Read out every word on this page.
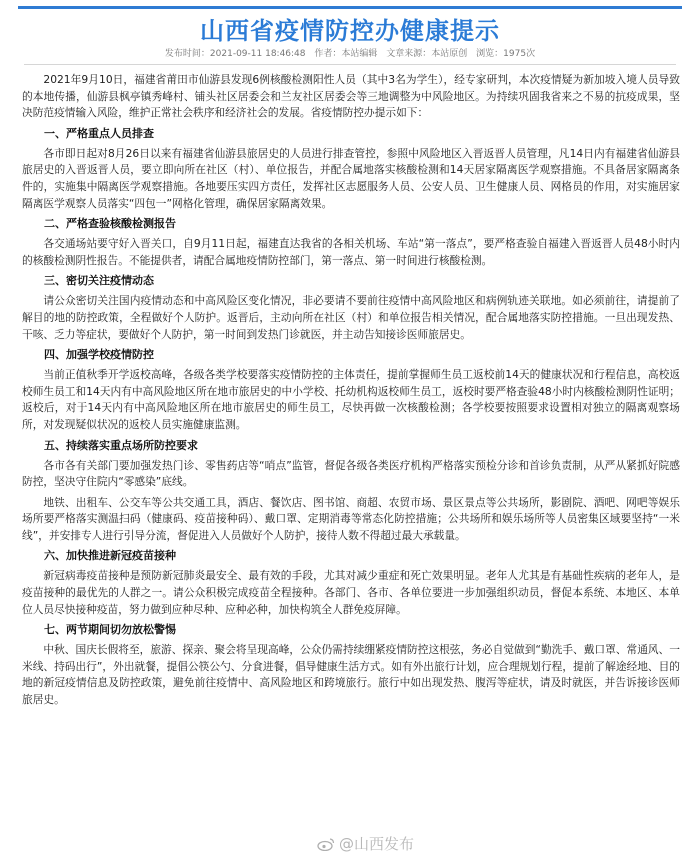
山西省疫情防控办健康提示
发布时间：2021-09-11 18:46:48 作者：本站编辑 文章来源：本站原创 浏览：1975次

2021年9月10日，福建省莆田市仙游县发现6例核酸检测阳性人员（其中3名为学生），经专家研判，本次疫情疑为新加坡入境人员导致的本地传播，仙游县枫亭镇秀峰村、铺头社区居委会和兰友社区居委会等三地调整为中风险地区。为持续巩固我省来之不易的抗疫成果，坚决防范疫情输入风险，维护正常社会秩序和经济社会的发展。省疫情防控办提示如下：

一、严格重点人员排查

各市即日起对8月26日以来有福建省仙游县旅居史的人员进行排查管控，参照中风险地区入晋返晋人员管理，凡14日内有福建省仙游县旅居史的入晋返晋人员，要立即向所在社区（村）、单位报告，并配合属地落实核酸检测和14天居家隔离医学观察措施。不具备居家隔离条件的，实施集中隔离医学观察措施。各地要压实四方责任，发挥社区志愿服务人员、公安人员、卫生健康人员、网格员的作用，对实施居家隔离医学观察人员落实“四包一”网格化管理，确保居家隔离效果。

二、严格查验核酸检测报告

各交通场站要守好入晋关口，自9月11日起，福建直达我省的各相关机场、车站“第一落点”，要严格查验自福建入晋返晋人员48小时内的核酸检测阴性报告。不能提供者，请配合属地疫情防控部门，第一落点、第一时间进行核酸检测。

三、密切关注疫情动态

请公众密切关注国内疫情动态和中高风险区变化情况，非必要请不要前往疫情中高风险地区和病例轨迹关联地。如必须前往，请提前了解目的地的防控政策，全程做好个人防护。返晋后，主动向所在社区（村）和单位报告相关情况，配合属地落实防控措施。一旦出现发热、干咳、乏力等症状，要做好个人防护，第一时间到发热门诊就医，并主动告知接诊医师旅居史。

四、加强学校疫情防控

当前正值秋季开学返校高峰，各级各类学校要落实疫情防控的主体责任，提前掌握师生员工返校前14天的健康状况和行程信息，高校返校师生员工和14天内有中高风险地区所在地市旅居史的中小学校、托幼机构返校师生员工，返校时要严格查验48小时内核酸检测阴性证明；返校后，对于14天内有中高风险地区所在地市旅居史的师生员工，尽快再做一次核酸检测；各学校要按照要求设置相对独立的隔离观察场所，对发现疑似状况的返校人员实施健康监测。

五、持续落实重点场所防控要求

各市各有关部门要加强发热门诊、零售药店等“哨点”监管，督促各级各类医疗机构严格落实预检分诊和首诊负责制，从严从紧抓好院感防控，坚决守住院内“零感染”底线。

地铁、出租车、公交车等公共交通工具，酒店、餐饮店、图书馆、商超、农贸市场、景区景点等公共场所，影剧院、酒吧、网吧等娱乐场所要严格落实测温扫码（健康码、疫苗接种码）、戴口罩、定期消毒等常态化防控措施；公共场所和娱乐场所等人员密集区域要坚持“一米线”，并安排专人进行引导分流，督促进入人员做好个人防护，接待人数不得超过最大承载量。

六、加快推进新冠疫苗接种

新冠病毒疫苗接种是预防新冠肺炎最安全、最有效的手段，尤其对减少重症和死亡效果明显。老年人尤其是有基础性疾病的老年人，是疫苗接种的最优先的人群之一。请公众积极完成疫苗全程接种。各部门、各市、各单位要进一步加强组织动员，督促本系统、本地区、本单位人员尽快接种疫苗，努力做到应种尽种、应种必种，加快构筑全人群免疫屏障。

七、两节期间切勿放松警惕

中秋、国庆长假将至，旅游、探亲、聚会将呈现高峰，公众仍需持续绷紧疫情防控这根弦，务必自觉做到“勤洗手、戴口罩、常通风、一米线、持码出行”，外出就餐，提倡公筷公勺、分食进餐，倡导健康生活方式。如有外出旅行计划，应合理规划行程，提前了解途经地、目的地的新冠疫情信息及防控政策，避免前往疫情中、高风险地区和跨境旅行。旅行中如出现发热、腹泻等症状，请及时就医，并告诉接诊医师旅居史。

@山西发布
